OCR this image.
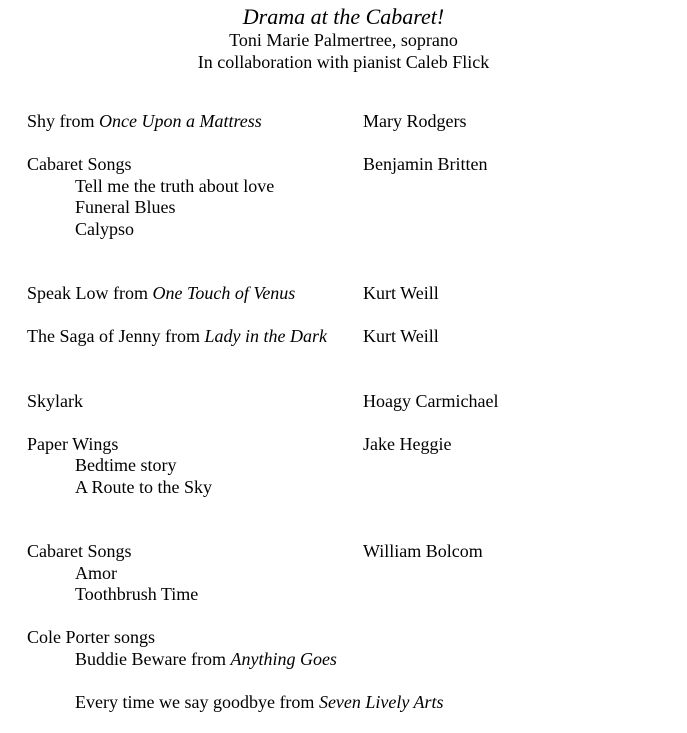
Drama at the Cabaret!
Toni Marie Palmertree, soprano
In collaboration with pianist Caleb Flick
Shy from Once Upon a Mattress	Mary Rodgers
Cabaret Songs	Benjamin Britten
Tell me the truth about love
Funeral Blues
Calypso
Speak Low from One Touch of Venus	Kurt Weill
The Saga of Jenny from Lady in the Dark	Kurt Weill
Skylark	Hoagy Carmichael
Paper Wings	Jake Heggie
Bedtime story
A Route to the Sky
Cabaret Songs	William Bolcom
Amor
Toothbrush Time
Cole Porter songs
Buddie Beware from Anything Goes
Every time we say goodbye from Seven Lively Arts
